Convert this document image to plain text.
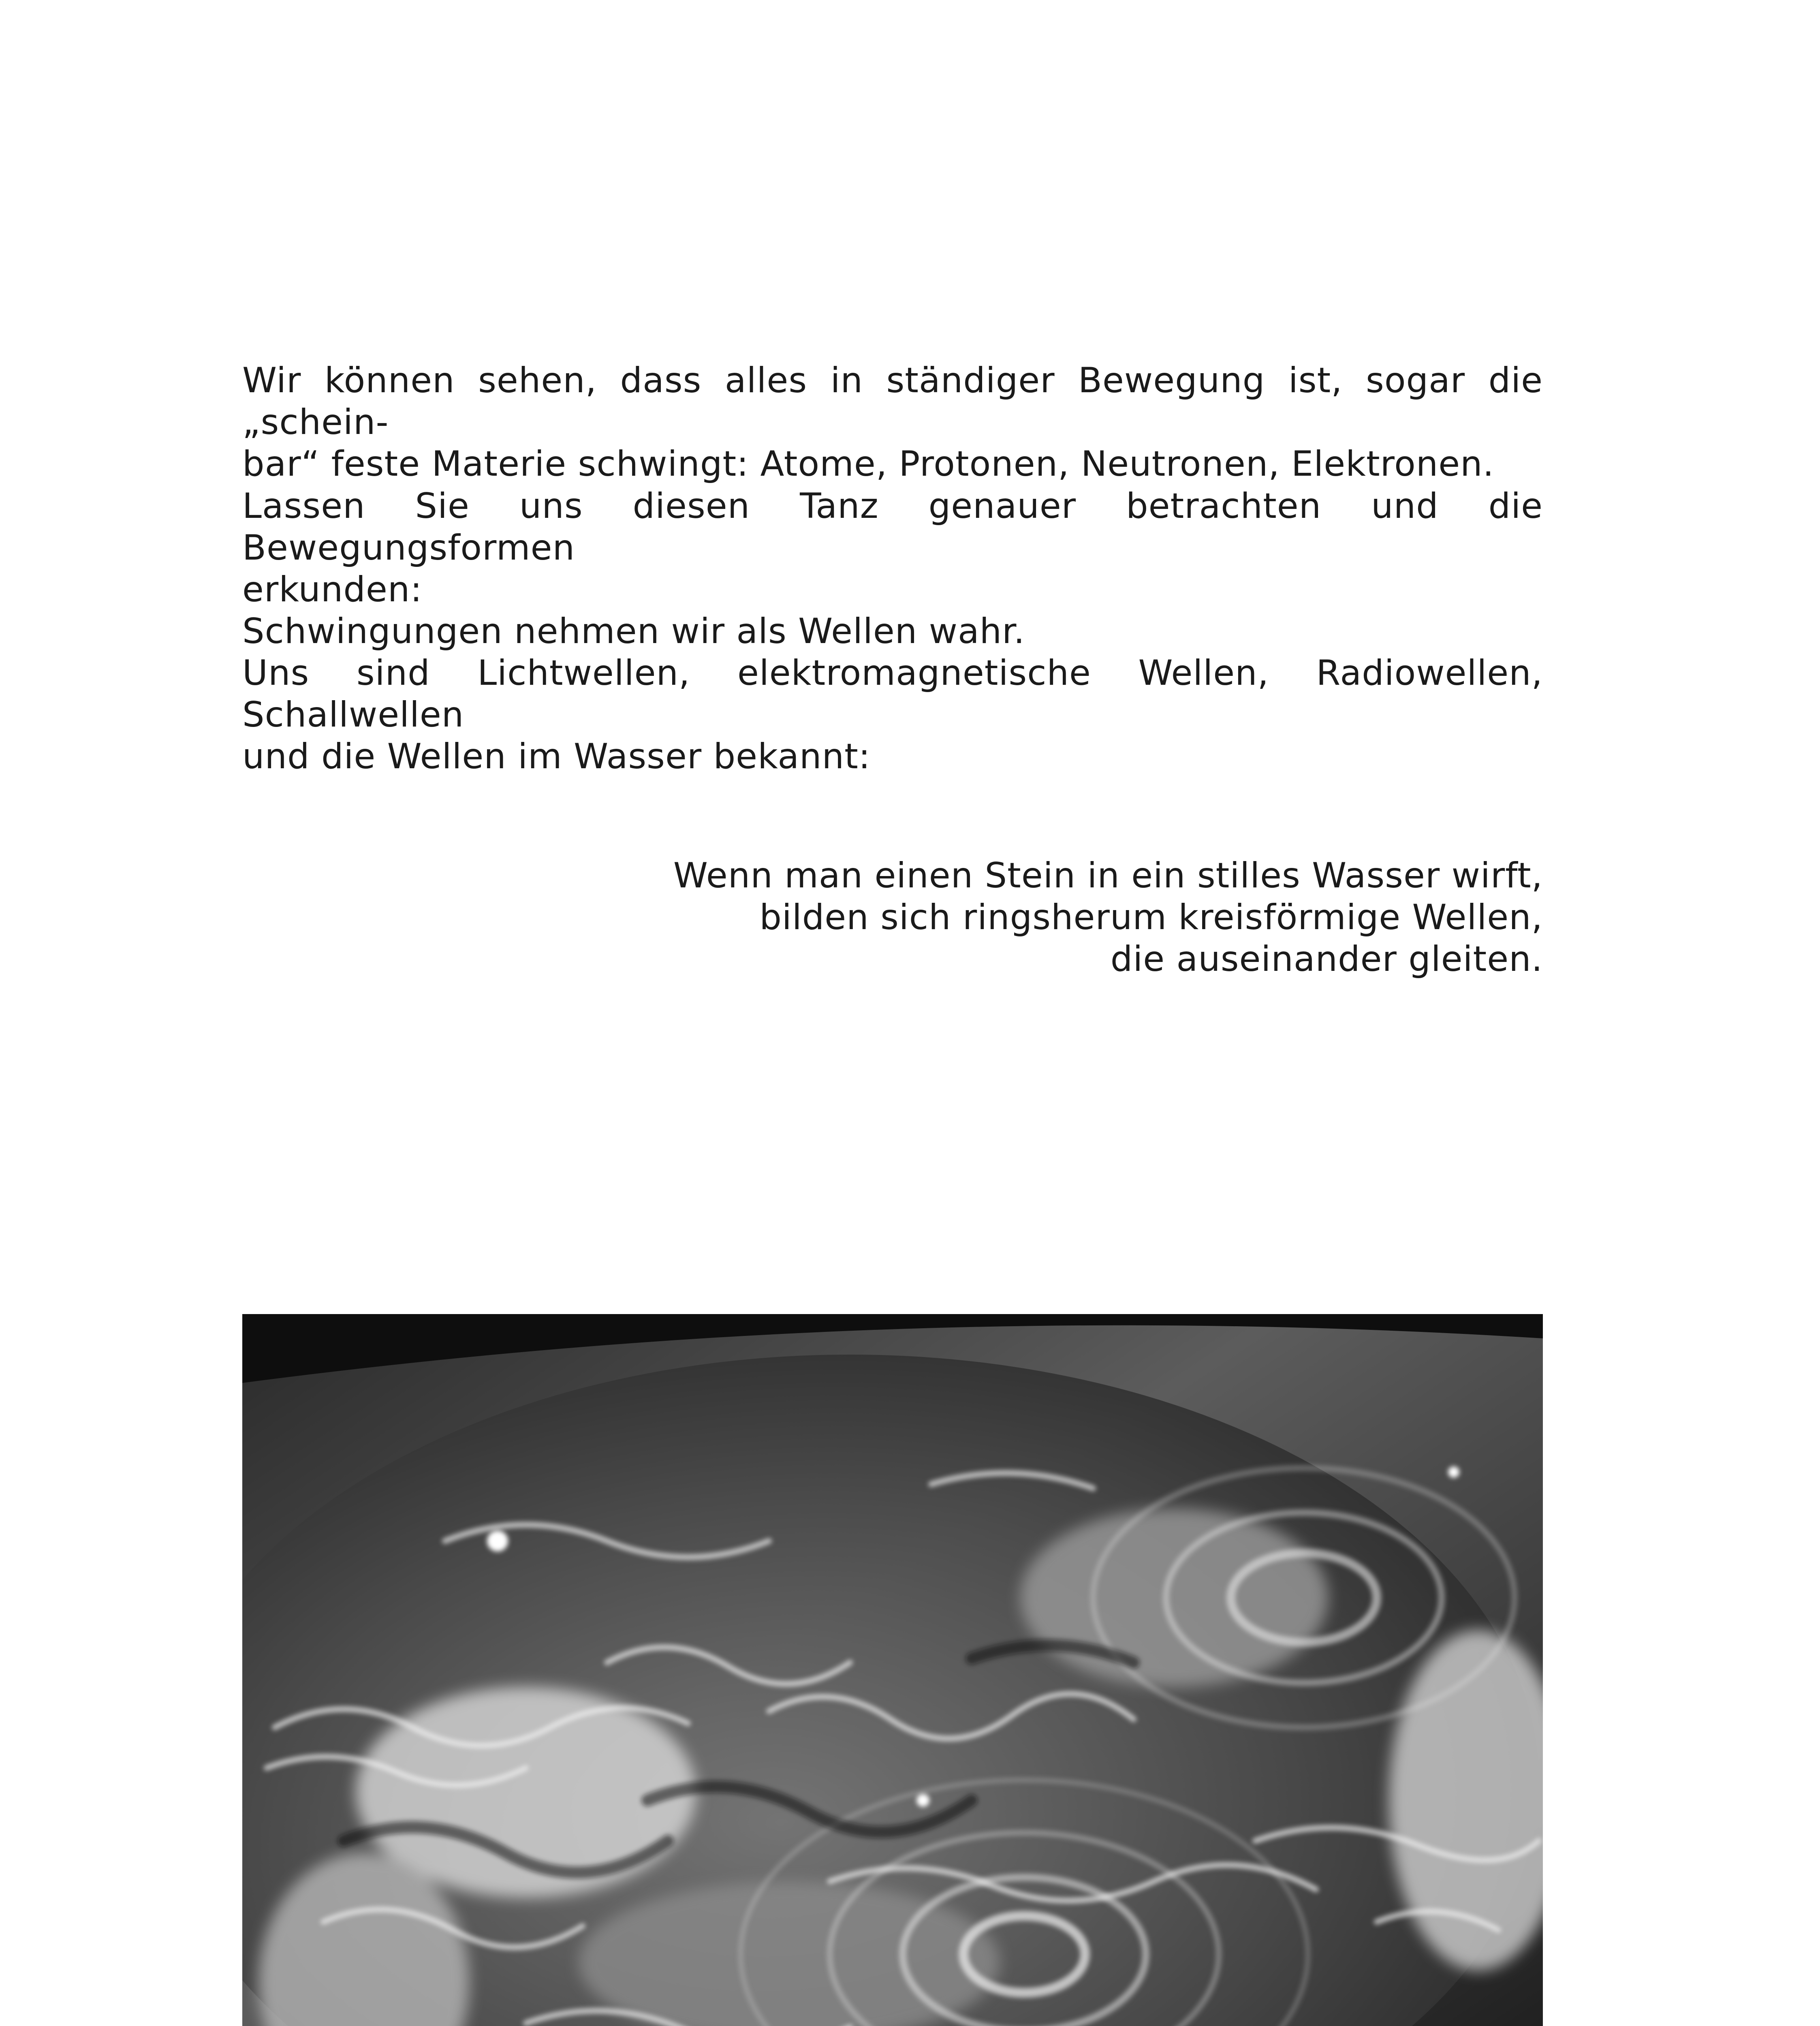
Wir können sehen, dass alles in ständiger Bewegung ist, sogar die „schein-
bar“ feste Materie schwingt: Atome, Protonen, Neutronen, Elektronen.
Lassen Sie uns diesen Tanz genauer betrachten und die Bewegungsformen
erkunden:
Schwingungen nehmen wir als Wellen wahr.
Uns sind Lichtwellen, elektromagnetische Wellen, Radiowellen, Schallwellen
und die Wellen im Wasser bekannt:
Wenn man einen Stein in ein stilles Wasser wirft,
bilden sich ringsherum kreisförmige Wellen,
die auseinander gleiten.
